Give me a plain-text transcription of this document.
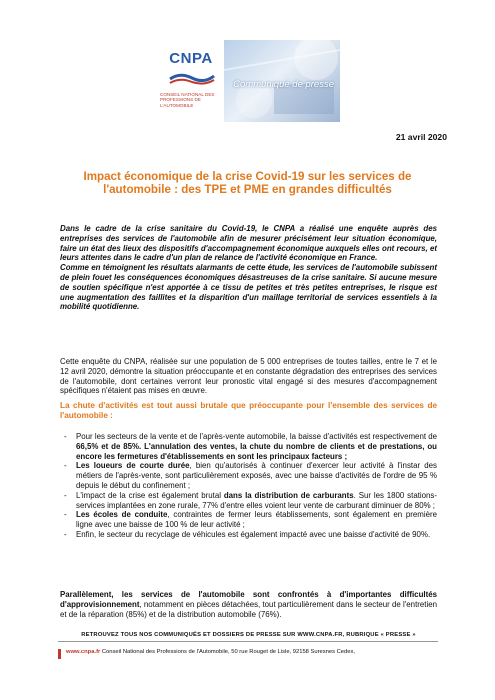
CNPA
CONSEIL NATIONAL DES PROFESSIONS DE L'AUTOMOBILE
Communiqué de presse
21 avril 2020
Impact économique de la crise Covid-19 sur les services de l'automobile : des TPE et PME en grandes difficultés
Dans le cadre de la crise sanitaire du Covid-19, le CNPA a réalisé une enquête auprès des entreprises des services de l'automobile afin de mesurer précisément leur situation économique, faire un état des lieux des dispositifs d'accompagnement économique auxquels elles ont recours, et leurs attentes dans le cadre d'un plan de relance de l'activité économique en France.
Comme en témoignent les résultats alarmants de cette étude, les services de l'automobile subissent de plein fouet les conséquences économiques désastreuses de la crise sanitaire. Si aucune mesure de soutien spécifique n'est apportée à ce tissu de petites et très petites entreprises, le risque est une augmentation des faillites et la disparition d'un maillage territorial de services essentiels à la mobilité quotidienne.
Cette enquête du CNPA, réalisée sur une population de 5 000 entreprises de toutes tailles, entre le 7 et le 12 avril 2020, démontre la situation préoccupante et en constante dégradation des entreprises des services de l'automobile, dont certaines verront leur pronostic vital engagé si des mesures d'accompagnement spécifiques n'étaient pas mises en œuvre.
La chute d'activités est tout aussi brutale que préoccupante pour l'ensemble des services de l'automobile :
- Pour les secteurs de la vente et de l'après-vente automobile, la baisse d'activités est respectivement de 66,5% et de 85%. L'annulation des ventes, la chute du nombre de clients et de prestations, ou encore les fermetures d'établissements en sont les principaux facteurs ;
- Les loueurs de courte durée, bien qu'autorisés à continuer d'exercer leur activité à l'instar des métiers de l'après-vente, sont particulièrement exposés, avec une baisse d'activités de l'ordre de 95 % depuis le début du confinement ;
- L'impact de la crise est également brutal dans la distribution de carburants. Sur les 1800 stations-services implantées en zone rurale, 77% d'entre elles voient leur vente de carburant diminuer de 80% ;
- Les écoles de conduite, contraintes de fermer leurs établissements, sont également en première ligne avec une baisse de 100 % de leur activité ;
- Enfin, le secteur du recyclage de véhicules est également impacté avec une baisse d'activité de 90%.
Parallèlement, les services de l'automobile sont confrontés à d'importantes difficultés d'approvisionnement, notamment en pièces détachées, tout particulièrement dans le secteur de l'entretien et de la réparation (85%) et de la distribution automobile (76%).
RETROUVEZ TOUS NOS COMMUNIQUÉS ET DOSSIERS DE PRESSE SUR WWW.CNPA.FR, RUBRIQUE « PRESSE »
www.cnpa.fr Conseil National des Professions de l'Automobile, 50 rue Rouget de Lisle, 92158 Suresnes Cedex,
